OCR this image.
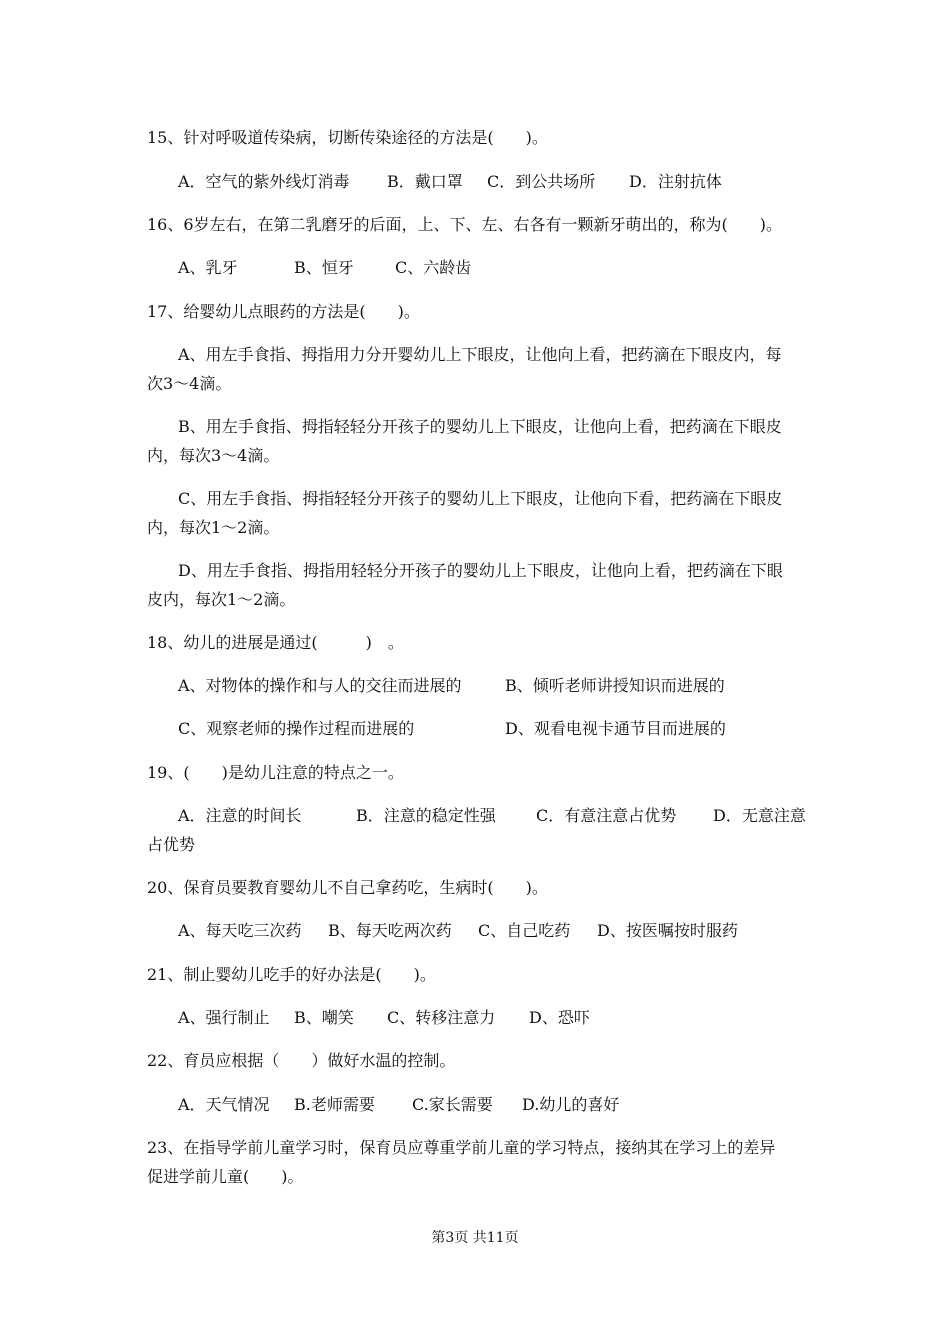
15、针对呼吸道传染病，切断传染途径的方法是(　　)。
A．空气的紫外线灯消毒 B．戴口罩 C．到公共场所 D．注射抗体
16、6岁左右，在第二乳磨牙的后面，上、下、左、右各有一颗新牙萌出的，称为(　　)。
A、乳牙	B、恒牙	C、六龄齿
17、给婴幼儿点眼药的方法是(　　)。
A、用左手食指、拇指用力分开婴幼儿上下眼皮，让他向上看，把药滴在下眼皮内，每
次3～4滴。
B、用左手食指、拇指轻轻分开孩子的婴幼儿上下眼皮，让他向上看，把药滴在下眼皮
内，每次3～4滴。
C、用左手食指、拇指轻轻分开孩子的婴幼儿上下眼皮，让他向下看，把药滴在下眼皮
内，每次1～2滴。
D、用左手食指、拇指用轻轻分开孩子的婴幼儿上下眼皮，让他向上看，把药滴在下眼
皮内，每次1～2滴。
18、幼儿的进展是通过(　　　)　。
A、对物体的操作和与人的交往而进展的	B、倾听老师讲授知识而进展的
C、观察老师的操作过程而进展的	D、观看电视卡通节目而进展的
19、(　　)是幼儿注意的特点之一。
A．注意的时间长	B．注意的稳定性强	C．有意注意占优势 D．无意注意
占优势
20、保育员要教育婴幼儿不自己拿药吃，生病时(　　)。
A、每天吃三次药 B、每天吃两次药 C、自己吃药 D、按医嘱按时服药
21、制止婴幼儿吃手的好办法是(　　)。
A、强行制止 B、嘲笑 C、转移注意力 D、恐吓
22、育员应根据（　　）做好水温的控制。
A．天气情况 B.老师需要 C.家长需要 D.幼儿的喜好
23、在指导学前儿童学习时，保育员应尊重学前儿童的学习特点，接纳其在学习上的差异
促进学前儿童(　　)。
第3页 共11页
